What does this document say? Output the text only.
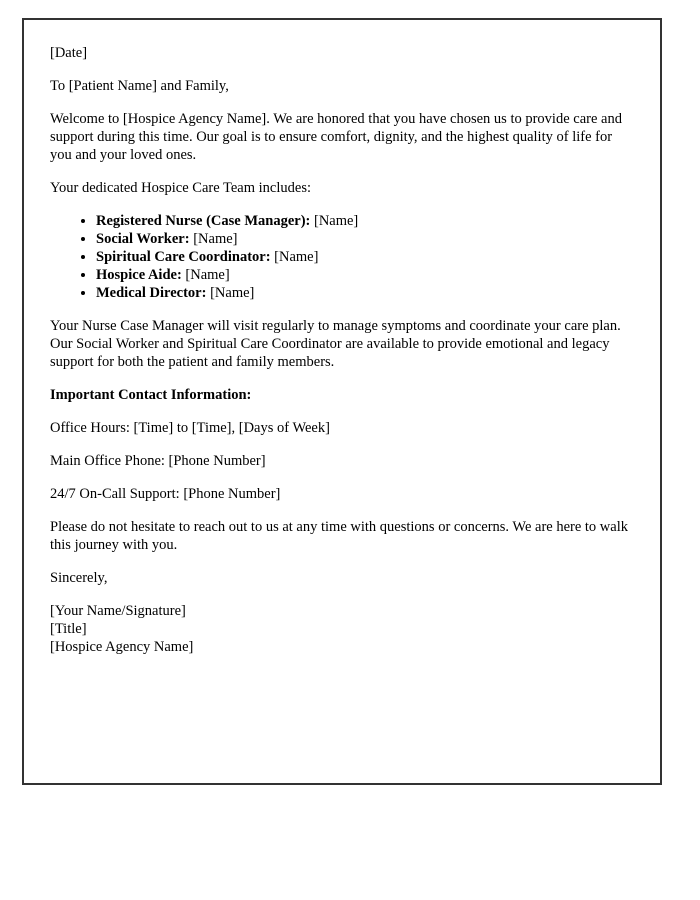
[Date]

To [Patient Name] and Family,

Welcome to [Hospice Agency Name]. We are honored that you have chosen us to provide care and support during this time. Our goal is to ensure comfort, dignity, and the highest quality of life for you and your loved ones.

Your dedicated Hospice Care Team includes:

• Registered Nurse (Case Manager): [Name]
• Social Worker: [Name]
• Spiritual Care Coordinator: [Name]
• Hospice Aide: [Name]
• Medical Director: [Name]

Your Nurse Case Manager will visit regularly to manage symptoms and coordinate your care plan. Our Social Worker and Spiritual Care Coordinator are available to provide emotional and legacy support for both the patient and family members.

Important Contact Information:

Office Hours: [Time] to [Time], [Days of Week]

Main Office Phone: [Phone Number]

24/7 On-Call Support: [Phone Number]

Please do not hesitate to reach out to us at any time with questions or concerns. We are here to walk this journey with you.

Sincerely,

[Your Name/Signature]
[Title]
[Hospice Agency Name]
